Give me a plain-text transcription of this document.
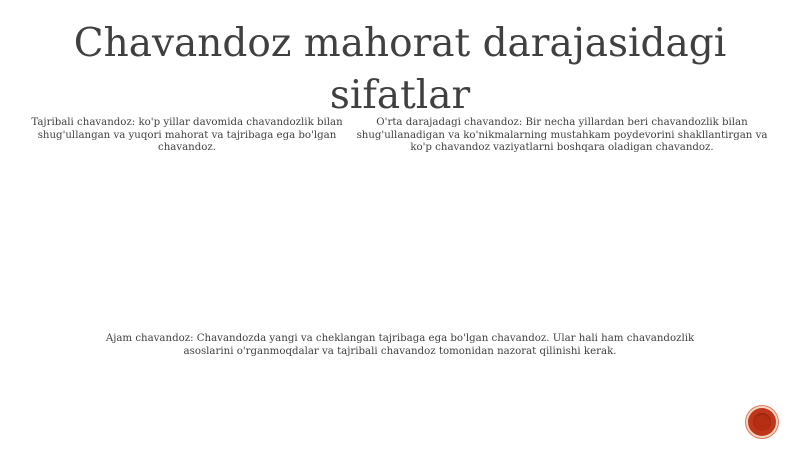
Chavandoz mahorat darajasidagi sifatlar
Tajribali chavandoz: ko'p yillar davomida chavandozlik bilan shug'ullangan va yuqori mahorat va tajribaga ega bo'lgan chavandoz.
O'rta darajadagi chavandoz: Bir necha yillardan beri chavandozlik bilan shug'ullanadigan va ko'nikmalarning mustahkam poydevorini shakllantirgan va ko'p chavandoz vaziyatlarni boshqara oladigan chavandoz.
Ajam chavandoz: Chavandozda yangi va cheklangan tajribaga ega bo'lgan chavandoz. Ular hali ham chavandozlik asoslarini o'rganmoqdalar va tajribali chavandoz tomonidan nazorat qilinishi kerak.
